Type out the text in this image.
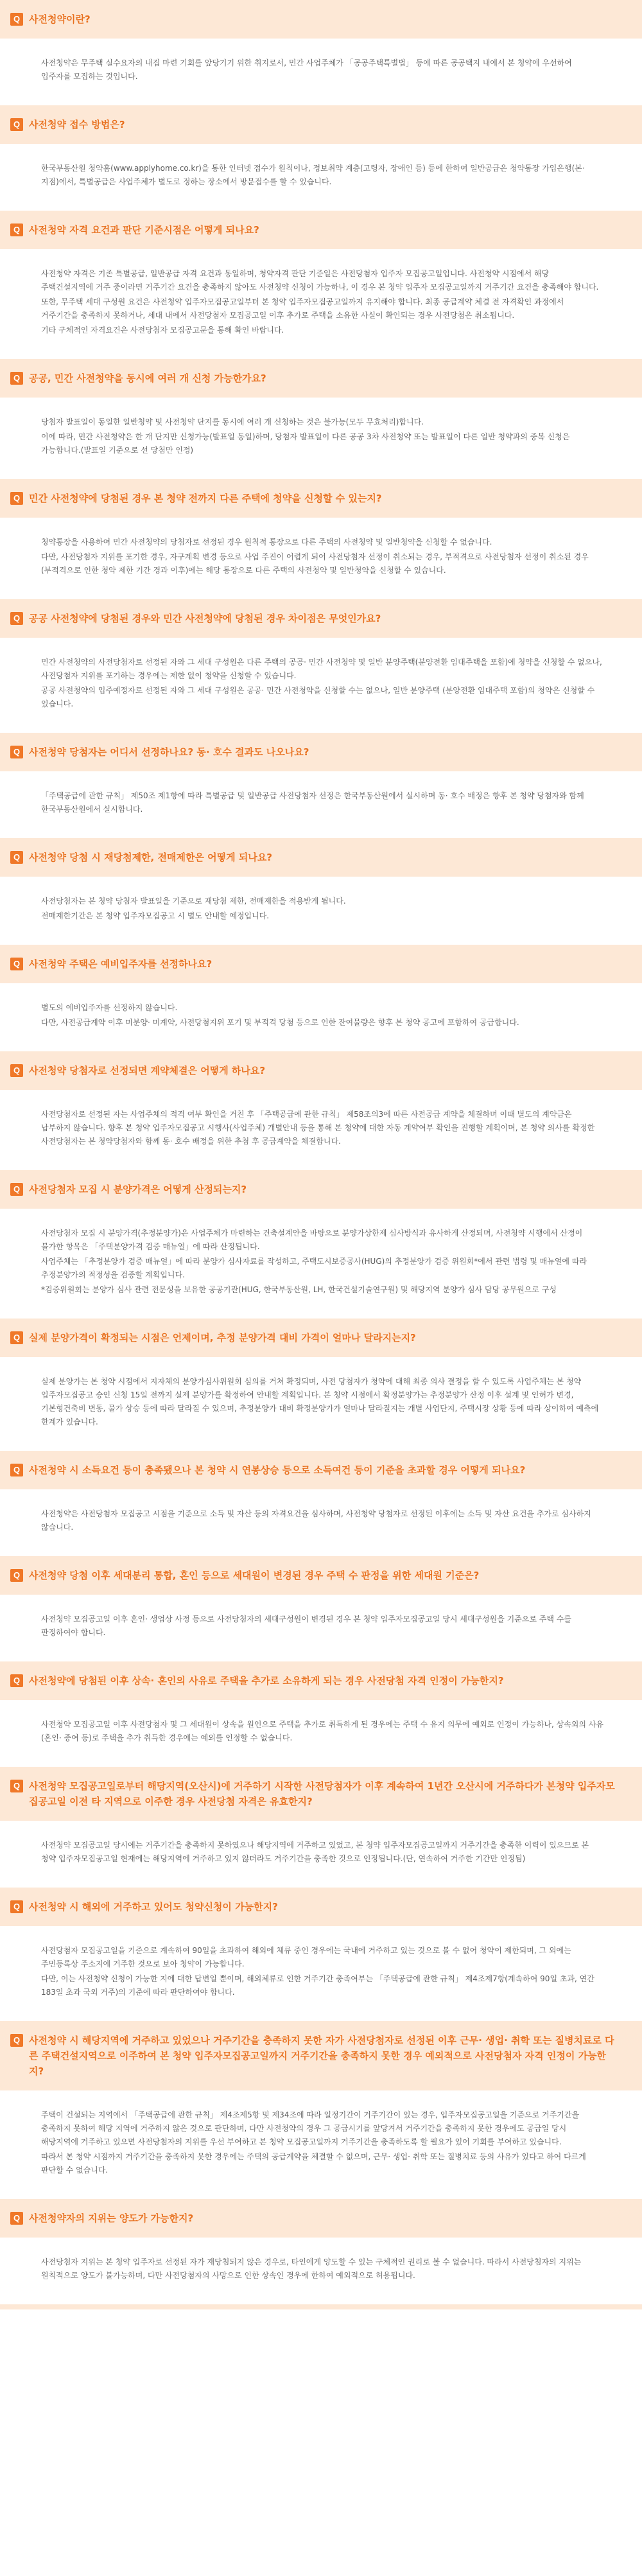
Q 사전청약이란?

사전청약은 무주택 실수요자의 내집 마련 기회를 앞당기기 위한 취지로서, 민간 사업주체가 「공공주택특별법」 등에 따른 공공택지 내에서 본 청약에 우선하여 입주자를 모집하는 것입니다.

Q 사전청약 접수 방법은?

한국부동산원 청약홈(www.applyhome.co.kr)을 통한 인터넷 접수가 원칙이나, 정보취약 계층(고령자, 장애인 등) 등에 한하여 일반공급은 청약통장 가입은행(본· 지점)에서, 특별공급은 사업주체가 별도로 정하는 장소에서 방문접수를 할 수 있습니다.

Q 사전청약 자격 요건과 판단 기준시점은 어떻게 되나요?

사전청약 자격은 기존 특별공급, 일반공급 자격 요건과 동일하며, 청약자격 판단 기준일은 사전당첨자 입주자 모집공고일입니다. 사전청약 시점에서 해당 주택건설지역에 거주 중이라면 거주기간 요건을 충족하지 않아도 사전청약 신청이 가능하나, 이 경우 본 청약 입주자 모집공고일까지 거주기간 요건을 충족해야 합니다.

또한, 무주택 세대 구성원 요건은 사전청약 입주자모집공고일부터 본 청약 입주자모집공고일까지 유지해야 합니다. 최종 공급계약 체결 전 자격확인 과정에서 거주기간을 충족하지 못하거나, 세대 내에서 사전당첨자 모집공고일 이후 추가로 주택을 소유한 사실이 확인되는 경우 사전당첨은 취소됩니다.

기타 구체적인 자격요건은 사전당첨자 모집공고문을 통해 확인 바랍니다.

Q 공공, 민간 사전청약을 동시에 여러 개 신청 가능한가요?

당첨자 발표일이 동일한 일반청약 및 사전청약 단지를 동시에 여러 개 신청하는 것은 불가능(모두 무효처리)합니다.

이에 따라, 민간 사전청약은 한 개 단지만 신청가능(발표일 동일)하며, 당첨자 발표일이 다른 공공 3차 사전청약 또는 발표일이 다른 일반 청약과의 중복 신청은 가능합니다.(발표일 기준으로 선 당첨만 인정)

Q 민간 사전청약에 당첨된 경우 본 청약 전까지 다른 주택에 청약을 신청할 수 있는지?

청약통장을 사용하여 민간 사전청약의 당첨자로 선정된 경우 원칙적 통장으로 다른 주택의 사전청약 및 일반청약을 신청할 수 없습니다.

다만, 사전당첨자 지위를 포기한 경우, 자구계획 변경 등으로 사업 주진이 어렵게 되어 사전당첨자 선정이 취소되는 경우, 부적격으로 사전당첨자 선정이 취소된 경우(부적격으로 인한 청약 제한 기간 경과 이후)에는 해당 통장으로 다른 주택의 사전청약 및 일반청약을 신청할 수 있습니다.

Q 공공 사전청약에 당첨된 경우와 민간 사전청약에 당첨된 경우 차이점은 무엇인가요?

민간 사전청약의 사전당첨자로 선정된 자와 그 세대 구성원은 다른 주택의 공공· 민간 사전청약 및 일반 분양주택(분양전환 임대주택을 포함)에 청약을 신청할 수 없으나, 사전당첨자 지위를 포기하는 경우에는 제한 없이 청약을 신청할 수 있습니다.

공공 사전청약의 입주예정자로 선정된 자와 그 세대 구성원은 공공· 민간 사전청약을 신청할 수는 없으나, 일반 분양주택 (분양전환 임대주택 포함)의 청약은 신청할 수 있습니다.

Q 사전청약 당첨자는 어디서 선정하나요? 동· 호수 결과도 나오나요?

「주택공급에 관한 규칙」 제50조 제1항에 따라 특별공급 및 일반공급 사전당첨자 선정은 한국부동산원에서 실시하며 동· 호수 배정은 향후 본 청약 당첨자와 함께 한국부동산원에서 실시합니다.

Q 사전청약 당첨 시 재당첨제한, 전매제한은 어떻게 되나요?

사전당첨자는 본 청약 당첨자 발표일을 기준으로 재당첨 제한, 전매제한을 적용받게 됩니다.

전매제한기간은 본 청약 입주자모집공고 시 별도 안내할 예정입니다.

Q 사전청약 주택은 예비입주자를 선정하나요?

별도의 예비입주자를 선정하지 않습니다.

다만, 사전공급계약 이후 미분양· 미계약, 사전당첨지위 포기 및 부적격 당첨 등으로 인한 잔여물량은 향후 본 청약 공고에 포함하여 공급합니다.

Q 사전청약 당첨자로 선정되면 계약체결은 어떻게 하나요?

사전당첨자로 선정된 자는 사업주체의 적격 여부 확인을 거친 후 「주택공급에 관한 규칙」 제58조의3에 따른 사전공급 계약을 체결하며 이때 별도의 계약금은 납부하지 않습니다. 향후 본 청약 입주자모집공고 시행사(사업주체) 개별안내 등을 통해 본 청약에 대한 자동 계약여부 확인을 진행할 계획이며, 본 청약 의사를 확정한 사전당첨자는 본 청약당첨자와 함께 동· 호수 배정을 위한 추첨 후 공급계약을 체결합니다.

Q 사전당첨자 모집 시 분양가격은 어떻게 산정되는지?

사전당첨자 모집 시 분양가격(추정분양가)은 사업주체가 마련하는 건축설계안을 바탕으로 분양가상한제 심사방식과 유사하게 산정되며, 사전청약 시행에서 산정이 불가한 항목은 「주택분양가격 검증 매뉴얼」에 따라 산정됩니다.

사업주체는 「추정분양가 검증 매뉴얼」에 따라 분양가 심사자료를 작성하고, 주택도시보증공사(HUG)의 추정분양가 검증 위원회*에서 관련 법령 및 매뉴얼에 따라 추정분양가의 적정성을 검증할 계획입니다.

*검증위원회는 분양가 심사 관련 전문성을 보유한 공공기관(HUG, 한국부동산원, LH, 한국건설기술연구원) 및 해당지역 분양가 심사 담당 공무원으로 구성

Q 실제 분양가격이 확정되는 시점은 언제이며, 추정 분양가격 대비 가격이 얼마나 달라지는지?

실제 분양가는 본 청약 시점에서 지자체의 분양가심사위원회 심의를 거쳐 확정되며, 사전 당첨자가 청약에 대해 최종 의사 결정을 할 수 있도록 사업주체는 본 청약 입주자모집공고 승인 신청 15일 전까지 실제 분양가를 확정하여 안내할 계획입니다. 본 청약 시점에서 확정분양가는 추정분양가 산정 이후 설계 및 인허가 변경, 기본형건축비 변동, 물가 상승 등에 따라 달라질 수 있으며, 추정분양가 대비 확정분양가가 얼마나 달라질지는 개별 사업단지, 주택시장 상황 등에 따라 상이하여 예측에 한계가 있습니다.

Q 사전청약 시 소득요건 등이 충족됐으나 본 청약 시 연봉상승 등으로 소득여건 등이 기준을 초과할 경우 어떻게 되나요?

사전청약은 사전당첨자 모집공고 시점을 기준으로 소득 및 자산 등의 자격요건을 심사하며, 사전청약 당첨자로 선정된 이후에는 소득 및 자산 요건을 추가로 심사하지 않습니다.

Q 사전청약 당첨 이후 세대분리 통합, 혼인 등으로 세대원이 변경된 경우 주택 수 판정을 위한 세대원 기준은?

사전청약 모집공고일 이후 혼인· 생업상 사정 등으로 사전당첨자의 세대구성원이 변경된 경우 본 청약 입주자모집공고일 당시 세대구성원을 기준으로 주택 수를 판정하여야 합니다.

Q 사전청약에 당첨된 이후 상속· 혼인의 사유로 주택을 추가로 소유하게 되는 경우 사전당첨 자격 인정이 가능한지?

사전청약 모집공고일 이후 사전당첨자 및 그 세대원이 상속을 원인으로 주택을 추가로 취득하게 된 경우에는 주택 수 유지 의무에 예외로 인정이 가능하나, 상속외의 사유(혼인· 증여 등)로 주택을 추가 취득한 경우에는 예외를 인정할 수 없습니다.

Q 사전청약 모집공고일로부터 해당지역(오산시)에 거주하기 시작한 사전당첨자가 이후 계속하여 1년간 오산시에 거주하다가 본청약 입주자모집공고일 이전 타 지역으로 이주한 경우 사전당첨 자격은 유효한지?

사전청약 모집공고일 당시에는 거주기간을 충족하지 못하였으나 해당지역에 거주하고 있었고, 본 청약 입주자모집공고일까지 거주기간을 충족한 이력이 있으므로 본 청약 입주자모집공고일 현재에는 해당지역에 거주하고 있지 않더라도 거주기간을 충족한 것으로 인정됩니다.(단, 연속하여 거주한 기간만 인정됨)

Q 사전청약 시 해외에 거주하고 있어도 청약신청이 가능한지?

사전당첨자 모집공고일을 기준으로 계속하여 90일을 초과하여 해외에 체류 중인 경우에는 국내에 거주하고 있는 것으로 볼 수 없어 청약이 제한되며, 그 외에는 주민등록상 주소지에 거주한 것으로 보아 청약이 가능합니다.

다만, 이는 사전청약 신청이 가능한 지에 대한 답변일 뿐이며, 해외체류로 인한 거주기간 충족여부는 「주택공급에 관한 규칙」 제4조제7항(계속하여 90일 초과, 연간 183일 초과 국외 거주)의 기준에 따라 판단하여야 합니다.

Q 사전청약 시 해당지역에 거주하고 있었으나 거주기간을 충족하지 못한 자가 사전당첨자로 선정된 이후 근무· 생업· 취학 또는 질병치료로 다른 주택건설지역으로 이주하여 본 청약 입주자모집공고일까지 거주기간을 충족하지 못한 경우 예외적으로 사전당첨자 자격 인정이 가능한지?

주택이 건설되는 지역에서 「주택공급에 관한 규칙」 제4조제5항 및 제34조에 따라 일정기간이 거주기간이 있는 경우, 입주자모집공고일을 기준으로 거주기간을 충족하지 못하여 해당 지역에 거주하지 않은 것으로 판단하며, 다만 사전청약의 경우 그 공급시기를 앞당겨서 거주기간을 충족하지 못한 경우에도 공급일 당시 해당지역에 거주하고 있으면 사전당첨자의 지위를 우선 부여하고 본 청약 모집공고일까지 거주기간을 충족하도록 할 필요가 있어 기회를 부여하고 있습니다.

따라서 본 청약 시점까지 거주기간을 충족하지 못한 경우에는 주택의 공급계약을 체결할 수 없으며, 근무· 생업· 취학 또는 질병치료 등의 사유가 있다고 하여 다르게 판단할 수 없습니다.

Q 사전청약자의 지위는 양도가 가능한지?

사전당첨자 지위는 본 청약 입주자로 선정된 자가 재당첨되지 않은 경우로, 타인에게 양도할 수 있는 구체적인 권리로 볼 수 없습니다. 따라서 사전당첨자의 지위는 원칙적으로 양도가 불가능하며, 다만 사전당첨자의 사망으로 인한 상속인 경우에 한하여 예외적으로 허용됩니다.
